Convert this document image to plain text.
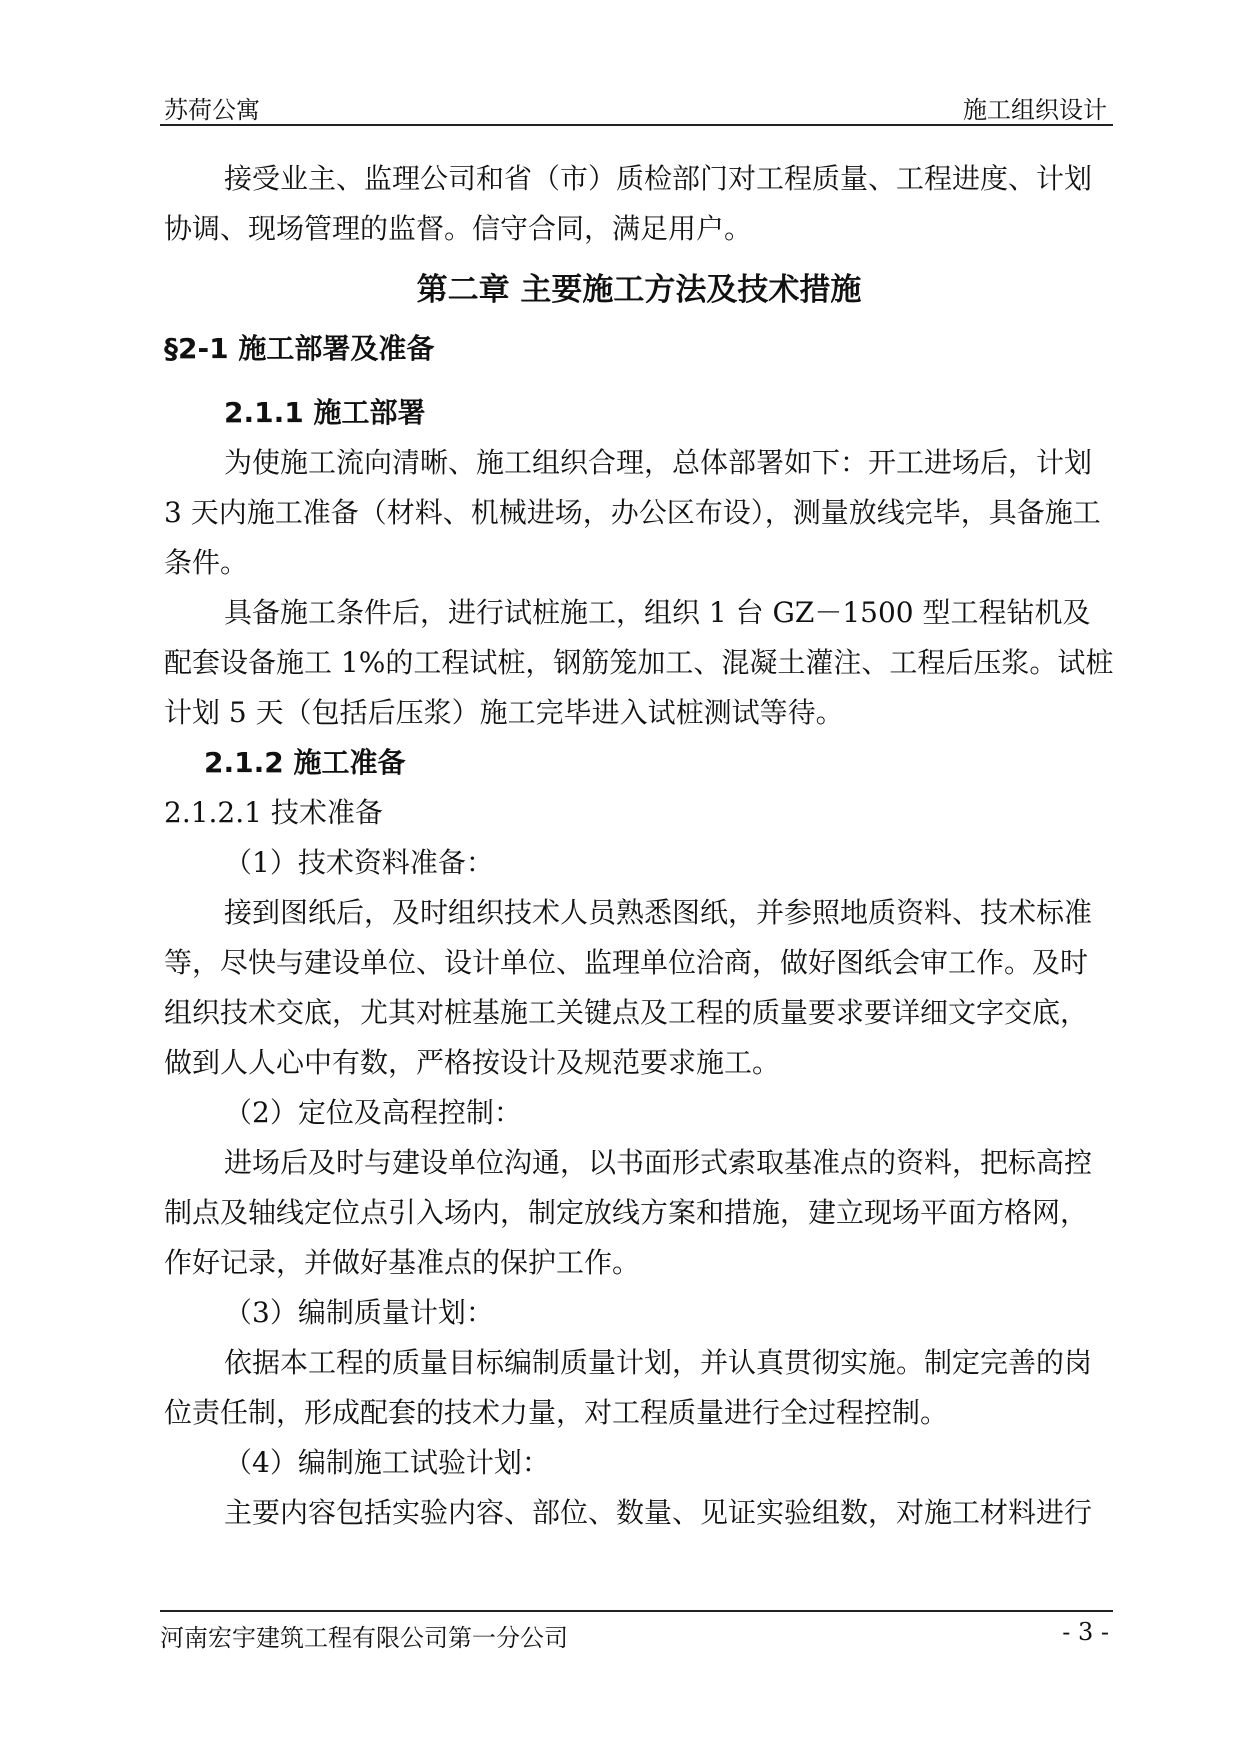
苏荷公寓	施工组织设计

接受业主、监理公司和省（市）质检部门对工程质量、工程进度、计划协调、现场管理的监督。信守合同，满足用户。

第二章 主要施工方法及技术措施
§2-1 施工部署及准备
2.1.1 施工部署

为使施工流向清晰、施工组织合理，总体部署如下：开工进场后，计划 3 天内施工准备（材料、机械进场，办公区布设），测量放线完毕，具备施工条件。

具备施工条件后，进行试桩施工，组织 1 台 GZ－1500 型工程钻机及配套设备施工 1%的工程试桩，钢筋笼加工、混凝土灌注、工程后压浆。试桩计划 5 天（包括后压浆）施工完毕进入试桩测试等待。

2.1.2 施工准备
2.1.2.1 技术准备

（1）技术资料准备：

接到图纸后，及时组织技术人员熟悉图纸，并参照地质资料、技术标准等，尽快与建设单位、设计单位、监理单位洽商，做好图纸会审工作。及时组织技术交底，尤其对桩基施工关键点及工程的质量要求要详细文字交底，做到人人心中有数，严格按设计及规范要求施工。

（2）定位及高程控制：

进场后及时与建设单位沟通，以书面形式索取基准点的资料，把标高控制点及轴线定位点引入场内，制定放线方案和措施，建立现场平面方格网，作好记录，并做好基准点的保护工作。

（3）编制质量计划：

依据本工程的质量目标编制质量计划，并认真贯彻实施。制定完善的岗位责任制，形成配套的技术力量，对工程质量进行全过程控制。

（4）编制施工试验计划：

主要内容包括实验内容、部位、数量、见证实验组数，对施工材料进行

河南宏宇建筑工程有限公司第一分公司	- 3 -
